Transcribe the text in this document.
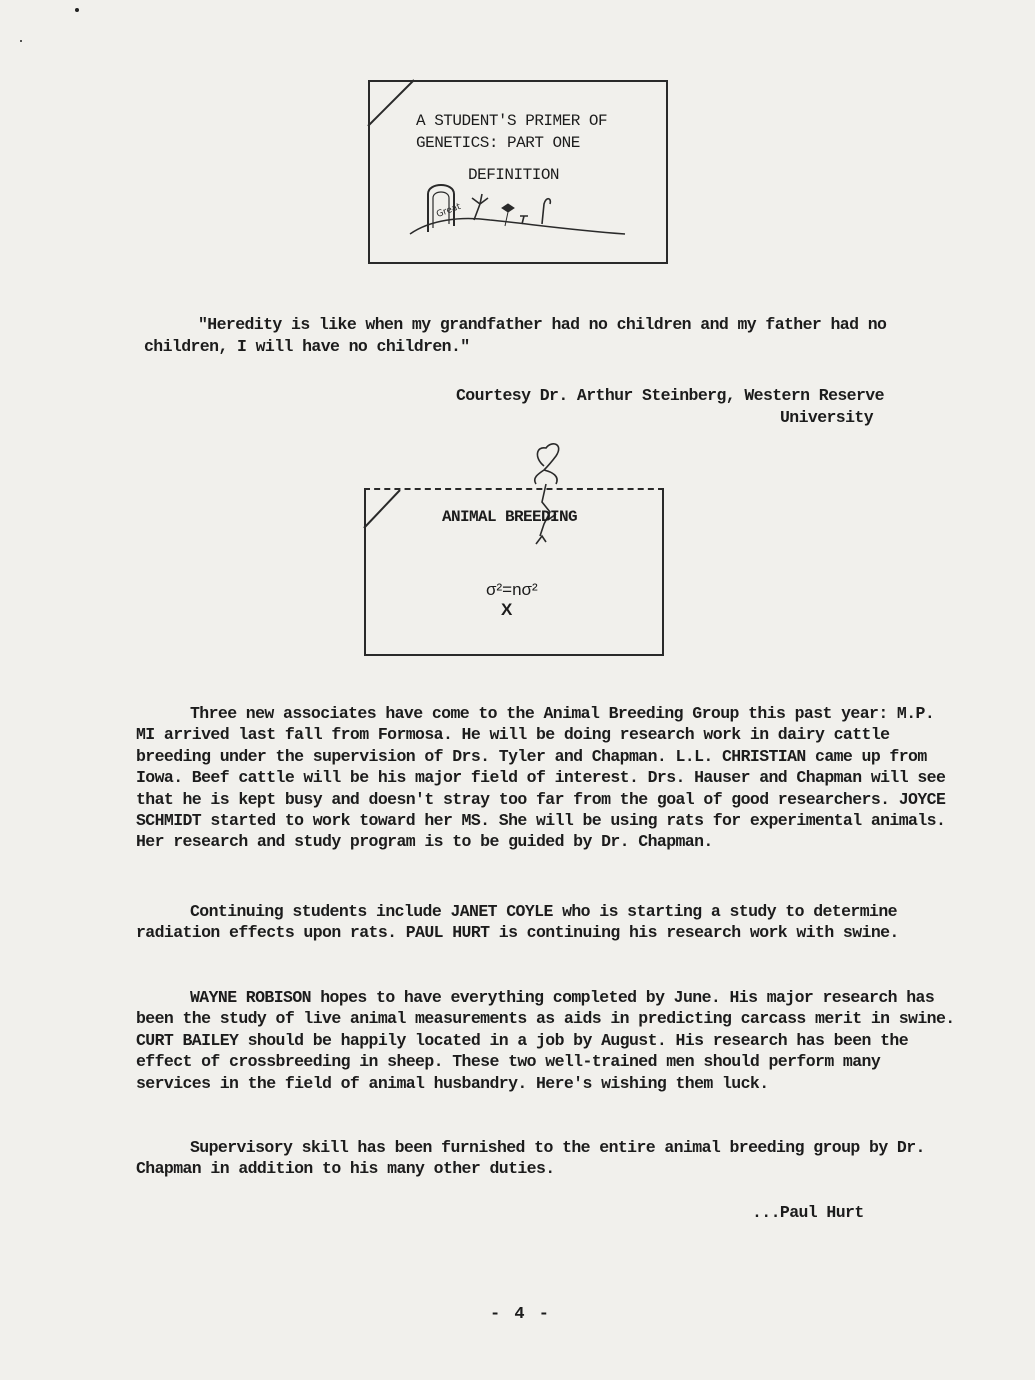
A STUDENT'S PRIMER OF GENETICS: PART ONE
DEFINITION
Great
"Heredity is like when my grandfather had no children and my father had no children, I will have no children."
Courtesy Dr. Arthur Steinberg, Western Reserve
University
ANIMAL BREEDING
σ²=nσ²
X
Three new associates have come to the Animal Breeding Group this past year: M.P. MI arrived last fall from Formosa. He will be doing research work in dairy cattle breeding under the supervision of Drs. Tyler and Chapman. L.L. CHRISTIAN came up from Iowa. Beef cattle will be his major field of interest. Drs. Hauser and Chapman will see that he is kept busy and doesn't stray too far from the goal of good researchers. JOYCE SCHMIDT started to work toward her MS. She will be using rats for experimental animals. Her research and study program is to be guided by Dr. Chapman.
Continuing students include JANET COYLE who is starting a study to determine radiation effects upon rats. PAUL HURT is continuing his research work with swine.
WAYNE ROBISON hopes to have everything completed by June. His major research has been the study of live animal measurements as aids in predicting carcass merit in swine. CURT BAILEY should be happily located in a job by August. His research has been the effect of crossbreeding in sheep. These two well-trained men should perform many services in the field of animal husbandry. Here's wishing them luck.
Supervisory skill has been furnished to the entire animal breeding group by Dr. Chapman in addition to his many other duties.
...Paul Hurt
- 4 -
